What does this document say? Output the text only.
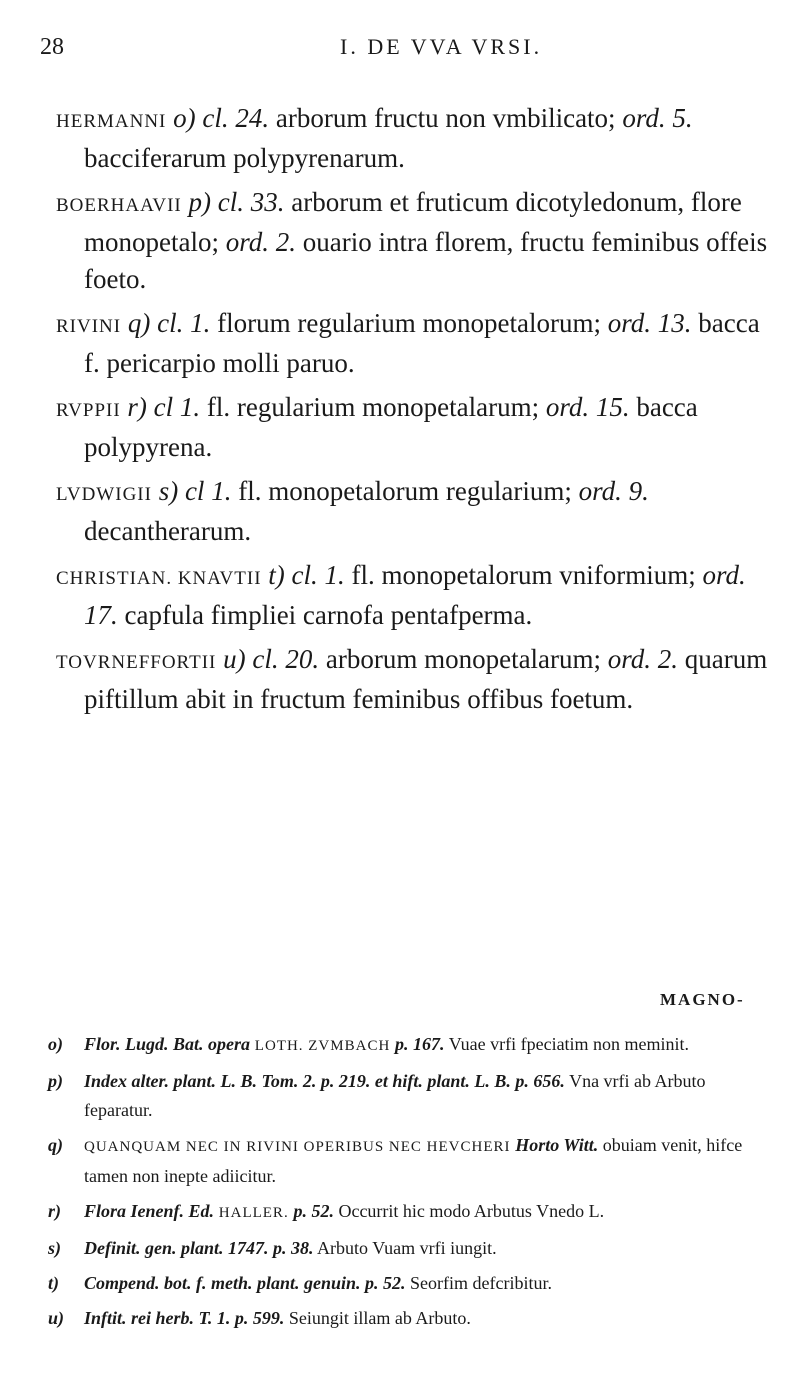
28	I. DE VVA VRSI.

HERMANNI o) cl. 24. arborum fructu non vmbilicato; ord. 5. bacciferarum polypyrenarum.

BOERHAAVII p) cl. 33. arborum et fruticum dicotyledonum, flore monopetalo; ord. 2. ouario intra florem, fructu feminibus offeis foeto.

RIVINI q) cl. 1. florum regularium monopetalorum; ord. 13. bacca f. pericarpio molli paruo.

RVPPII r) cl 1. fl. regularium monopetalarum; ord. 15. bacca polypyrena.

LVDWIGII s) cl 1. fl. monopetalorum regularium; ord. 9. decantherarum.

CHRISTIAN. KNAVTII t) cl. 1. fl. monopetalorum vniformium; ord. 17. capfula fimpliei carnofa pentafperma.

TOVRNEFFORTII u) cl. 20. arborum monopetalarum; ord. 2. quarum piftillum abit in fructum feminibus offibus foetum.

MAGNO-

o) Flor. Lugd. Bat. opera LOTH. ZVMBACH p. 167. Vuae vrfi fpeciatim non meminit.

p) Index alter. plant. L. B. Tom. 2. p. 219. et hift. plant. L. B. p. 656. Vna vrfi ab Arbuto feparatur.

q) QUANQUAM NEC IN RIVINI OPERIBUS NEC HEVCHERI Horto Witt. obuiam venit, hifce tamen non inepte adiicitur.

r) Flora Ienenf. Ed. HALLER. p. 52. Occurrit hic modo Arbutus Vnedo L.

s) Definit. gen. plant. 1747. p. 38. Arbuto Vuam vrfi iungit.

t) Compend. bot. f. meth. plant. genuin. p. 52. Seorfim defcribitur.

u) Inftit. rei herb. T. 1. p. 599. Seiungit illam ab Arbuto.
